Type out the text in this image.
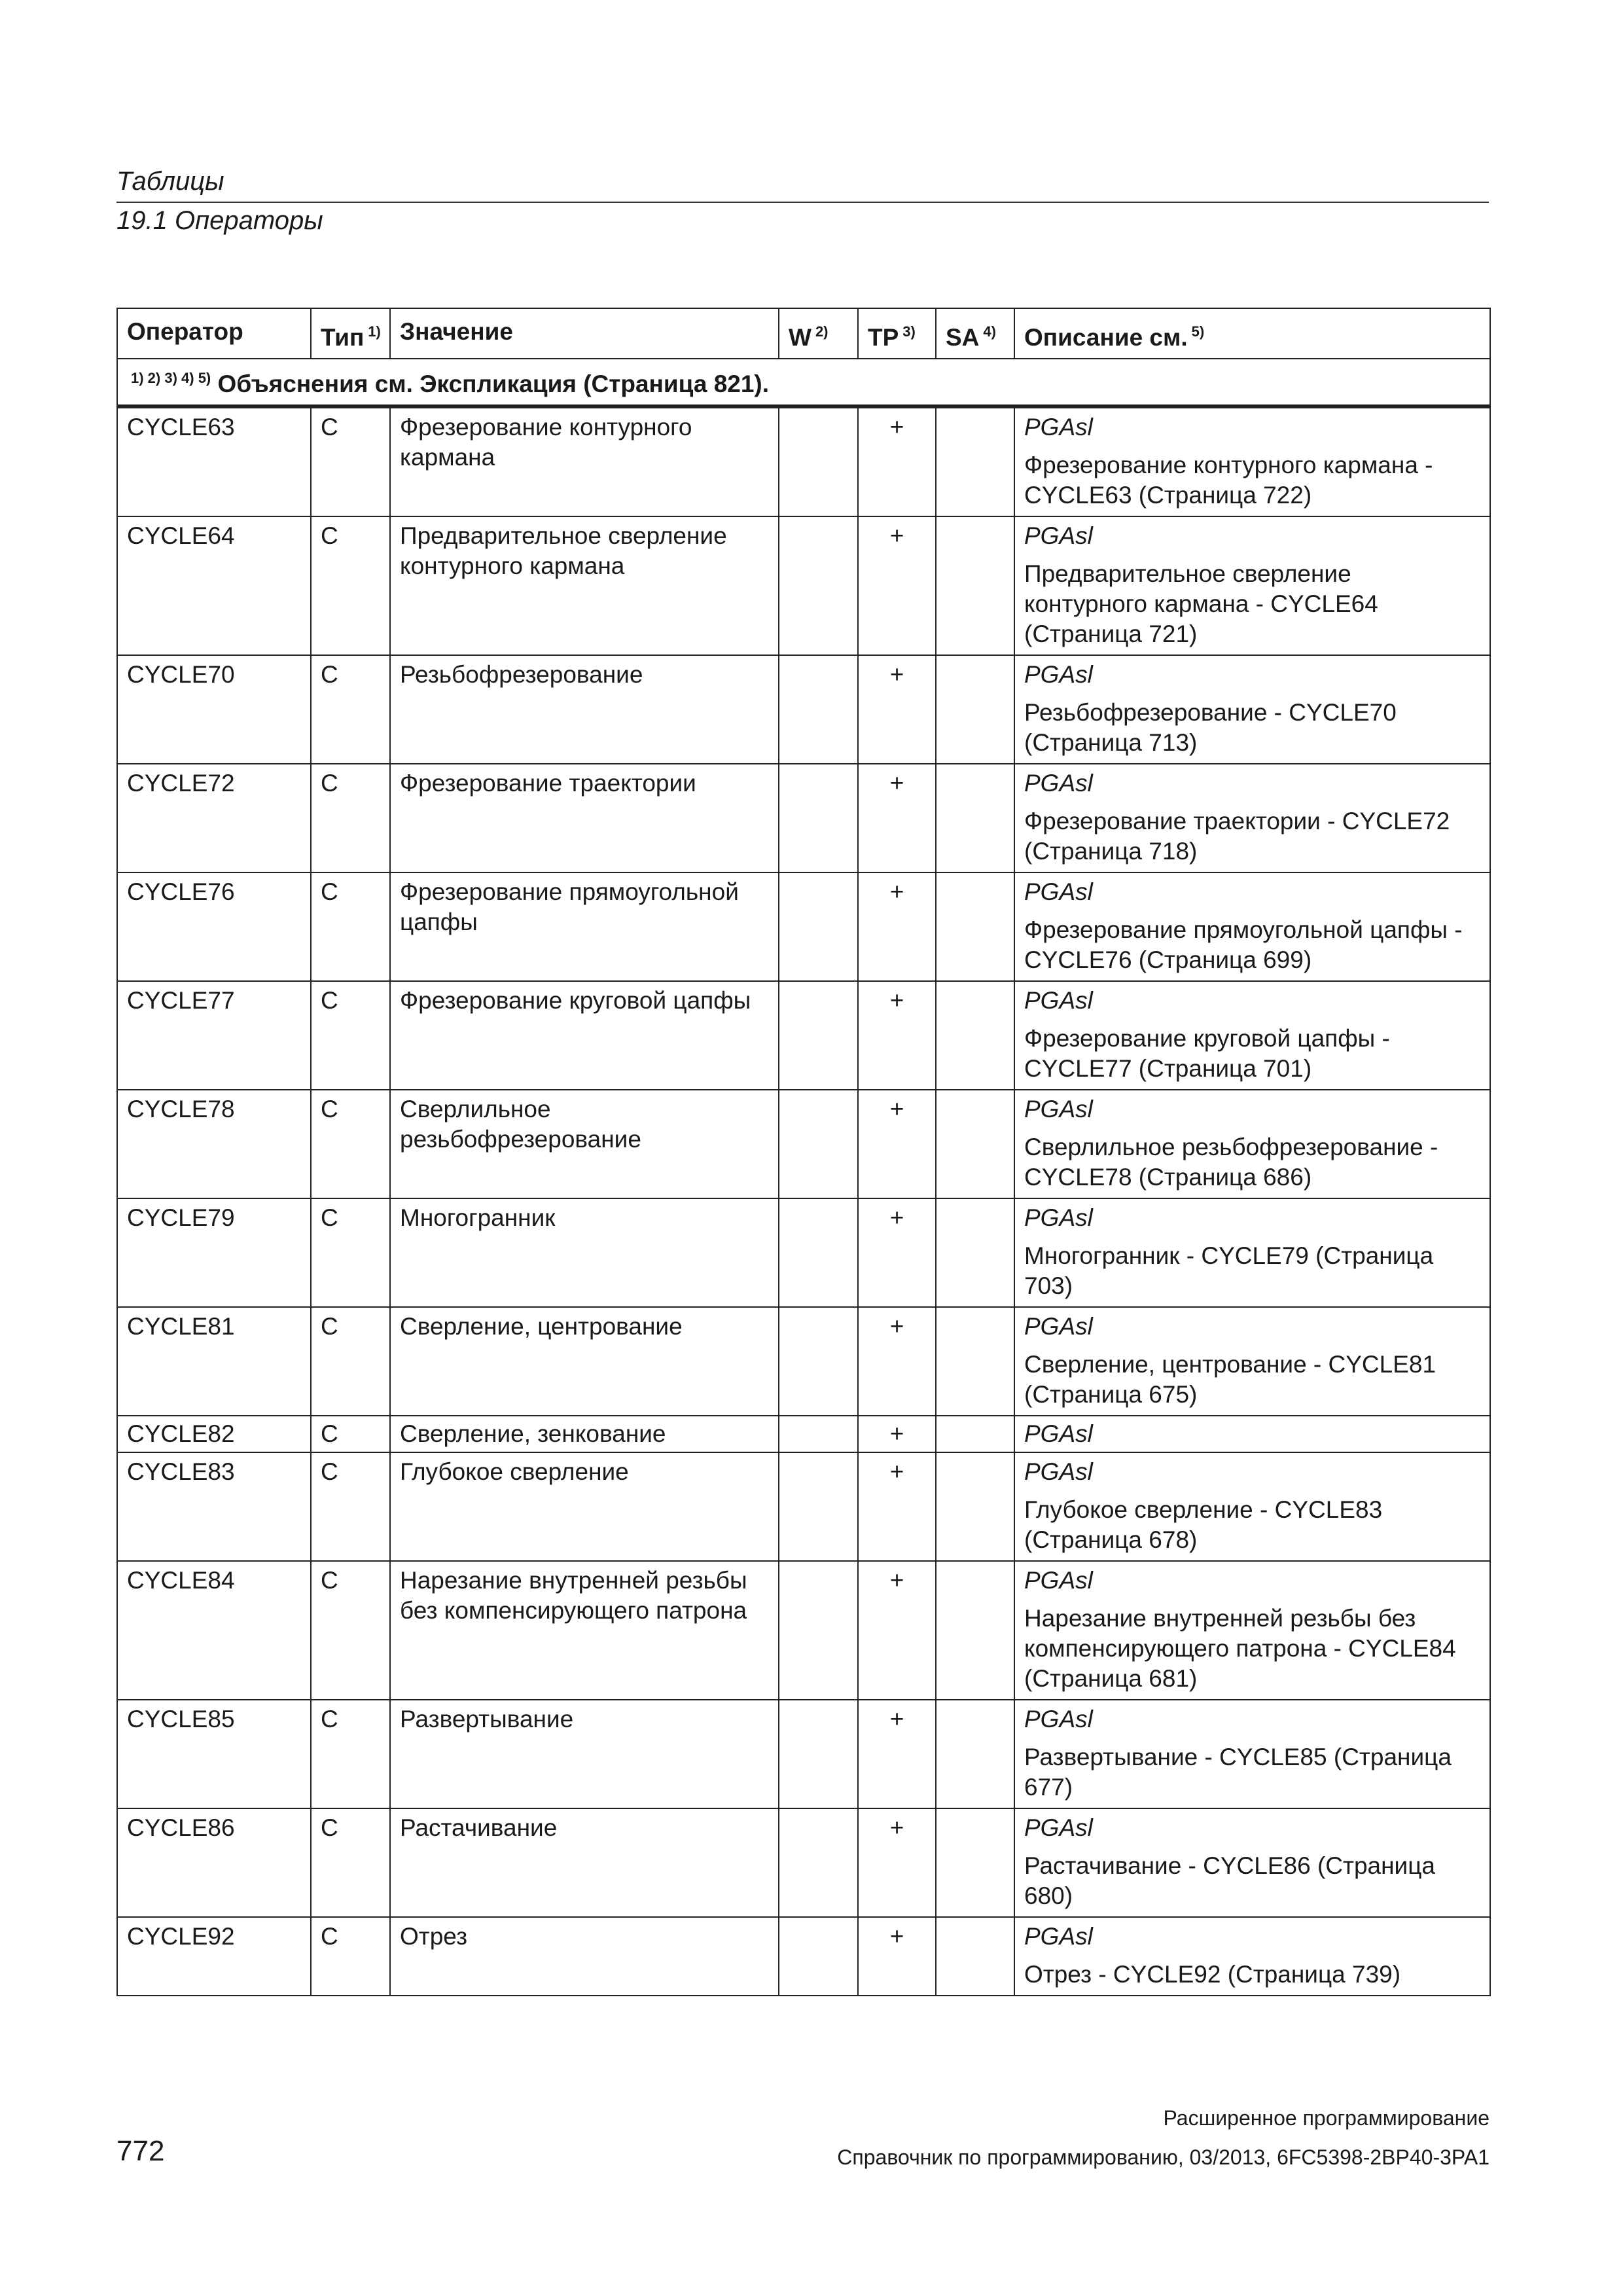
Таблицы
19.1 Операторы
Оператор	Тип $^{1)}$	Значение	W $^{2)}$	TP $^{3)}$	SA $^{4)}$	Описание см. $^{5)}$
$^{1) 2) 3) 4) 5)}$ Объяснения см. Экспликация (Страница 821).						
CYCLE63	C	Фрезерование контурного кармана		+		PGAsl
Фрезерование контурного кармана - CYCLE63 (Страница 722)

CYCLE64	C	Предварительное сверление контурного кармана		+		PGAsl
Предварительное сверление контурного кармана - CYCLE64 (Страница 721)

CYCLE70	C	Резьбофрезерование		+		PGAsl
Резьбофрезерование - CYCLE70 (Страница 713)

CYCLE72	C	Фрезерование траектории		+		PGAsl
Фрезерование траектории - CYCLE72 (Страница 718)

CYCLE76	C	Фрезерование прямоугольной цапфы		+		PGAsl
Фрезерование прямоугольной цапфы - CYCLE76 (Страница 699)

CYCLE77	C	Фрезерование круговой цапфы		+		PGAsl
Фрезерование круговой цапфы - CYCLE77 (Страница 701)

CYCLE78	C	Сверлильное резьбофрезерование		+		PGAsl
Сверлильное резьбофрезерование - CYCLE78 (Страница 686)

CYCLE79	C	Многогранник		+		PGAsl
Многогранник - CYCLE79 (Страница 703)

CYCLE81	C	Сверление, центрование		+		PGAsl
Сверление, центрование - CYCLE81 (Страница 675)

CYCLE82	C	Сверление, зенкование		+		PGAsl

CYCLE83	C	Глубокое сверление		+		PGAsl
Глубокое сверление - CYCLE83 (Страница 678)

CYCLE84	C	Нарезание внутренней резьбы без компенсирующего патрона		+		PGAsl
Нарезание внутренней резьбы без компенсирующего патрона - CYCLE84 (Страница 681)

CYCLE85	C	Развертывание		+		PGAsl
Развертывание - CYCLE85 (Страница 677)

CYCLE86	C	Растачивание		+		PGAsl
Растачивание - CYCLE86 (Страница 680)

CYCLE92	C	Отрез		+		PGAsl
Отрез - CYCLE92 (Страница 739)
Расширенное программирование
772	Справочник по программированию, 03/2013, 6FC5398-2BP40-3PA1
